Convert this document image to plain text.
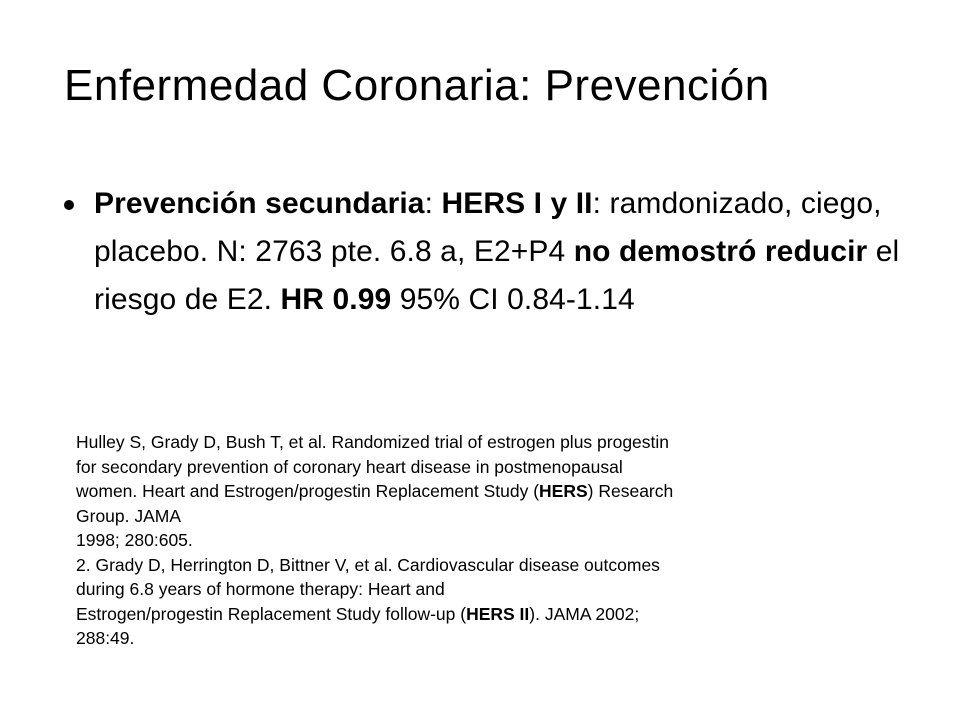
Enfermedad Coronaria: Prevención
Prevención secundaria: HERS I y II: ramdonizado, ciego, placebo. N: 2763 pte. 6.8 a, E2+P4 no demostró reducir el riesgo de E2. HR 0.99 95% CI 0.84-1.14
Hulley S, Grady D, Bush T, et al. Randomized trial of estrogen plus progestin
for secondary prevention of coronary heart disease in postmenopausal
women. Heart and Estrogen/progestin Replacement Study (HERS) Research
Group. JAMA
1998; 280:605.
2. Grady D, Herrington D, Bittner V, et al. Cardiovascular disease outcomes
during 6.8 years of hormone therapy: Heart and
Estrogen/progestin Replacement Study follow-up (HERS II). JAMA 2002;
288:49.
